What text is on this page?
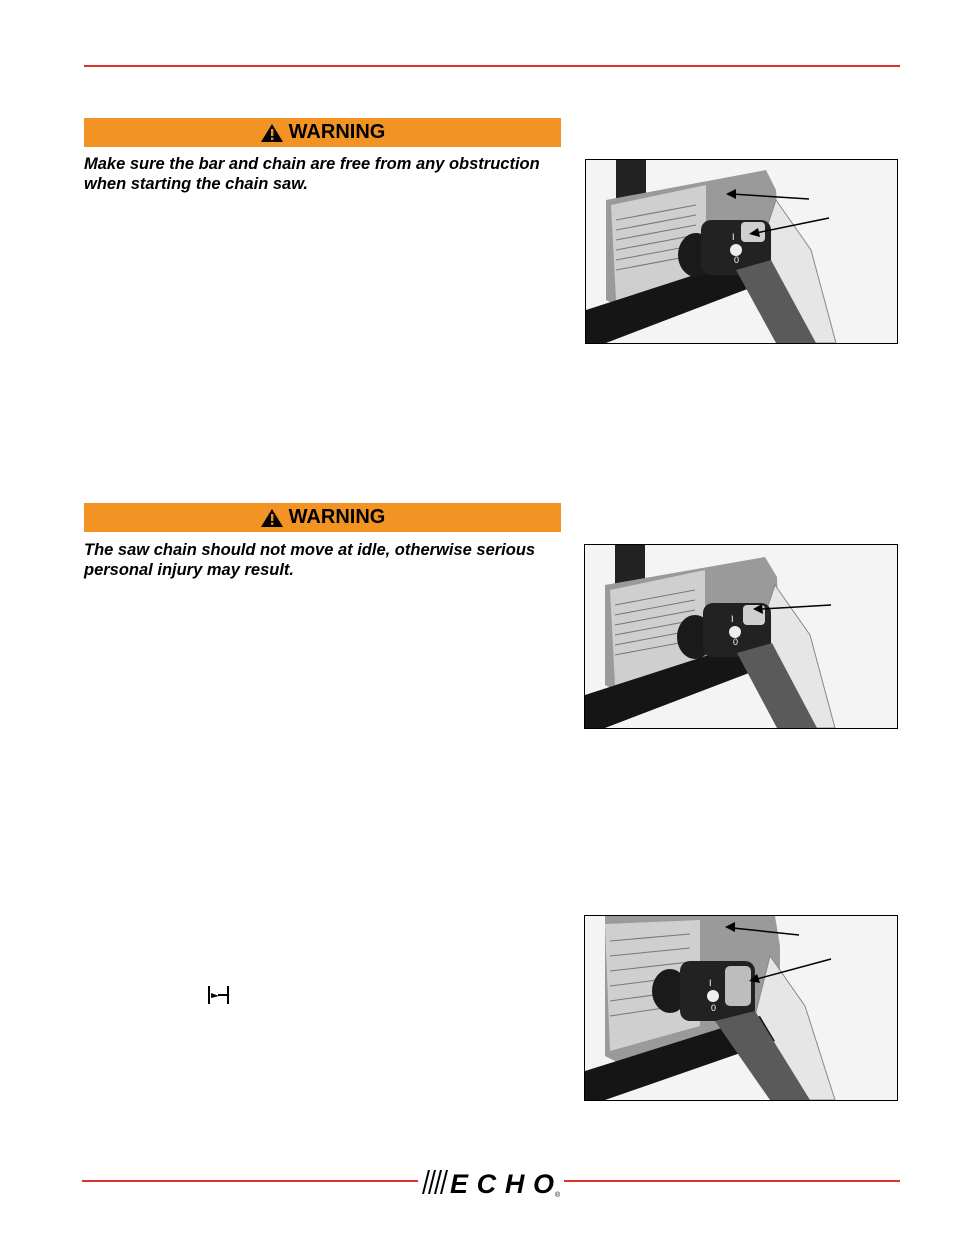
WARNING
Make sure the bar and chain are free from any obstruction when starting the chain saw.
WARNING
The saw chain should not move at idle, otherwise serious personal injury may result.
I
0
I
0
I
0
ECHO ®
